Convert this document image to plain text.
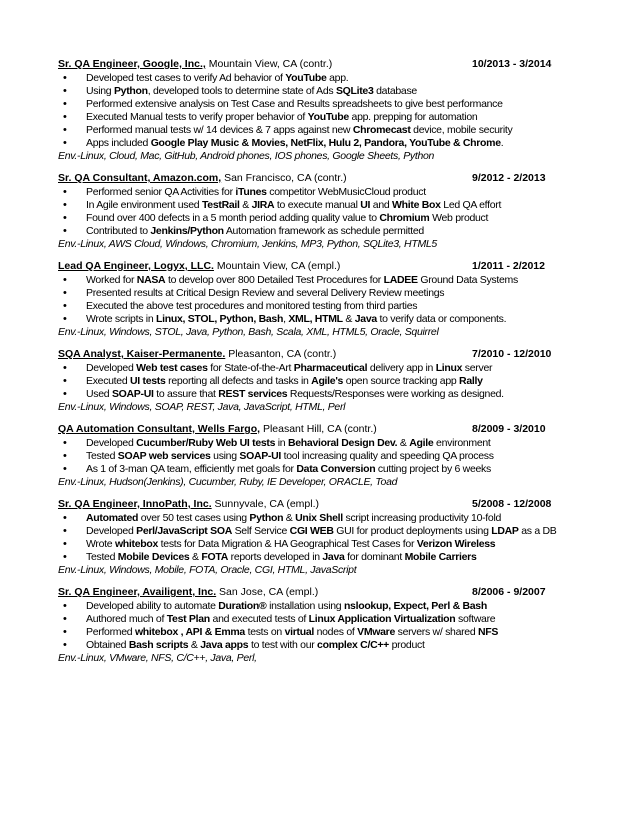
Sr. QA Engineer, Google, Inc., Mountain View, CA (contr.)	10/2013 - 3/2014
• Developed test cases to verify Ad behavior of YouTube app.
• Using Python, developed tools to determine state of Ads SQLite3 database
• Performed extensive analysis on Test Case and Results spreadsheets to give best performance
• Executed Manual tests to verify proper behavior of YouTube app. prepping for automation
• Performed manual tests w/ 14 devices & 7 apps against new Chromecast device, mobile security
• Apps included Google Play Music & Movies, NetFlix, Hulu 2, Pandora, YouTube & Chrome.
Env.-Linux, Cloud, Mac, GitHub, Android phones, IOS phones, Google Sheets, Python
Sr. QA Consultant, Amazon.com, San Francisco, CA (contr.)	9/2012 - 2/2013
• Performed senior QA Activities for iTunes competitor WebMusicCloud product
• In Agile environment used TestRail & JIRA to execute manual UI and White Box Led QA effort
• Found over 400 defects in a 5 month period adding quality value to Chromium Web product
• Contributed to Jenkins/Python Automation framework as schedule permitted
Env.-Linux, AWS Cloud, Windows, Chromium, Jenkins, MP3, Python, SQLite3, HTML5
Lead QA Engineer, Logyx, LLC. Mountain View, CA (empl.)	1/2011 - 2/2012
• Worked for NASA to develop over 800 Detailed Test Procedures for LADEE Ground Data Systems
• Presented results at Critical Design Review and several Delivery Review meetings
• Executed the above test procedures and monitored testing from third parties
• Wrote scripts in Linux, STOL, Python, Bash, XML, HTML & Java to verify data or components.
Env.-Linux, Windows, STOL, Java, Python, Bash, Scala, XML, HTML5, Oracle, Squirrel
SQA Analyst, Kaiser-Permanente. Pleasanton, CA (contr.)	7/2010 - 12/2010
• Developed Web test cases for State-of-the-Art Pharmaceutical delivery app in Linux server
• Executed UI tests reporting all defects and tasks in Agile's open source tracking app Rally
• Used SOAP-UI to assure that REST services Requests/Responses were working as designed.
Env.-Linux, Windows, SOAP, REST, Java, JavaScript, HTML, Perl
QA Automation Consultant, Wells Fargo, Pleasant Hill, CA (contr.)	8/2009 - 3/2010
• Developed Cucumber/Ruby Web UI tests in Behavioral Design Dev. & Agile environment
• Tested SOAP web services using SOAP-UI tool increasing quality and speeding QA process
• As 1 of 3-man QA team, efficiently met goals for Data Conversion cutting project by 6 weeks
Env.-Linux, Hudson(Jenkins), Cucumber, Ruby, IE Developer, ORACLE, Toad
Sr. QA Engineer, InnoPath, Inc. Sunnyvale, CA (empl.)	5/2008 - 12/2008
• Automated over 50 test cases using Python & Unix Shell script increasing productivity 10-fold
• Developed Perl/JavaScript SOA Self Service CGI WEB GUI for product deployments using LDAP as a DB
• Wrote whitebox tests for Data Migration & HA Geographical Test Cases for Verizon Wireless
• Tested Mobile Devices & FOTA reports developed in Java for dominant Mobile Carriers
Env.-Linux, Windows, Mobile, FOTA, Oracle, CGI, HTML, JavaScript
Sr. QA Engineer, Availigent, Inc. San Jose, CA (empl.)	8/2006 - 9/2007
• Developed ability to automate Duration® installation using nslookup, Expect, Perl & Bash
• Authored much of Test Plan and executed tests of Linux Application Virtualization software
• Performed whitebox , API & Emma tests on virtual nodes of VMware servers w/ shared NFS
• Obtained Bash scripts & Java apps to test with our complex C/C++ product
Env.-Linux, VMware, NFS, C/C++, Java, Perl,
